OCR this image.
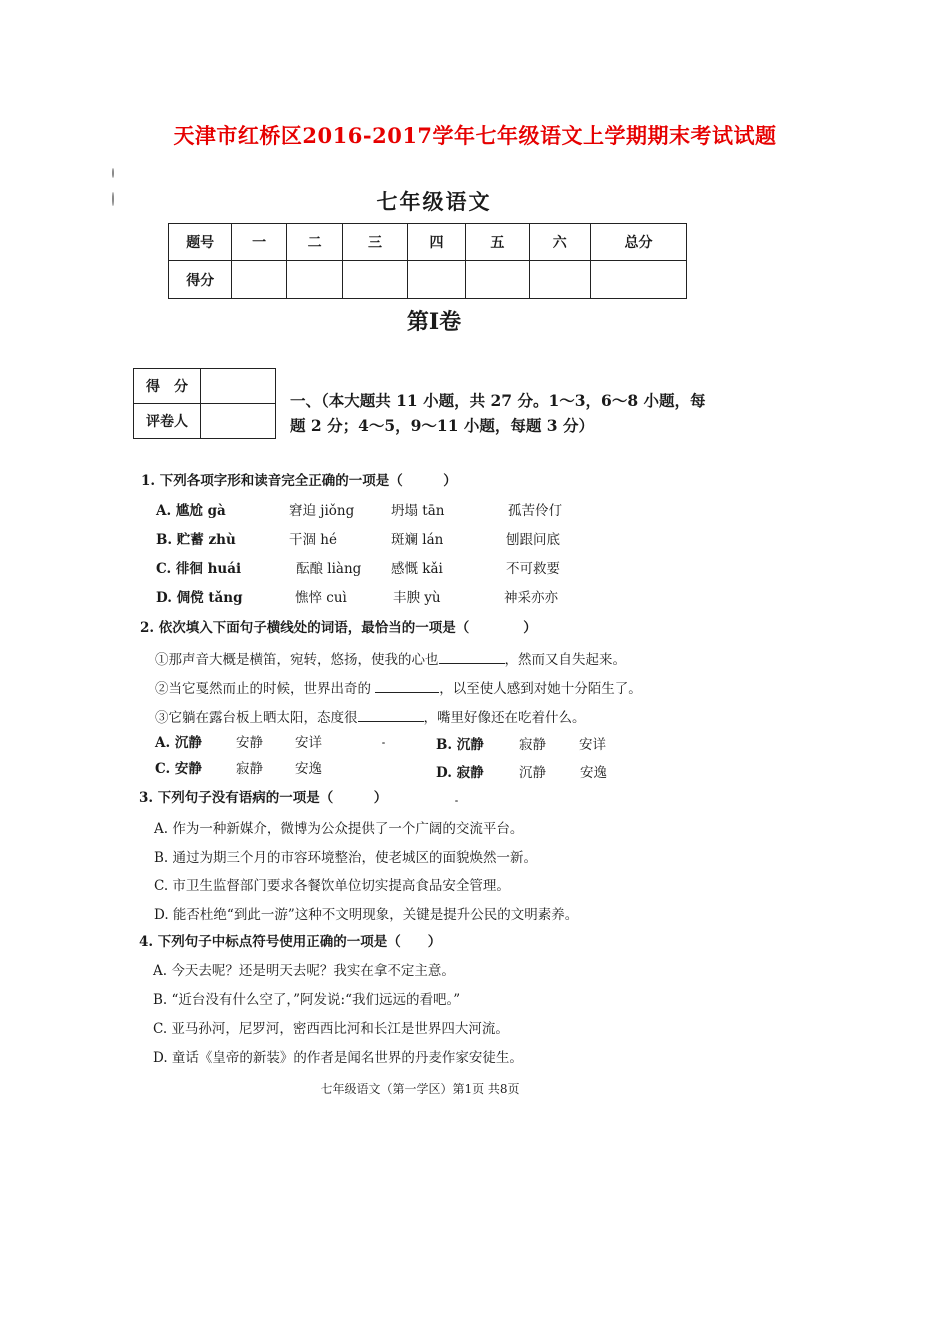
天津市红桥区2016-2017学年七年级语文上学期期末考试试题
七年级语文
题号	一	二	三	四	五	六	总分
得分							
第Ⅰ卷
得　分	
评卷人	
一、（本大题共 11 小题，共 27 分。1～3，6～8 小题，每
题 2 分；4～5，9～11 小题，每题 3 分）
1. 下列各项字形和读音完全正确的一项是（　　　）
A. 尴尬 gà	窘迫 jiǒng	坍塌 tān	孤苦伶仃
B. 贮蓄 zhù	干涸 hé	斑斓 lán	刨跟问底
C. 徘徊 huái	酝酿 liàng 感慨 kǎi	不可救要
D. 倜傥 tǎng	憔悴 cuì	丰腴 yù	神采亦亦
2. 依次填入下面句子横线处的词语，最恰当的一项是（　　　　）
①那声音大概是横笛，宛转，悠扬，使我的心也	，然而又自失起来。
②当它戛然而止的时候，世界出奇的	，以至使人感到对她十分陌生了。
③它躺在露台板上晒太阳，态度很	，嘴里好像还在吃着什么。
A. 沉静	安静 安详	B. 沉静	寂静 安详
C. 安静	寂静 安逸	D. 寂静	沉静	安逸
3. 下列句子没有语病的一项是（　　　）
A. 作为一种新媒介，微博为公众提供了一个广阔的交流平台。
B. 通过为期三个月的市容环境整治，使老城区的面貌焕然一新。
C. 市卫生监督部门要求各餐饮单位切实提高食品安全管理。
D. 能否杜绝“到此一游”这种不文明现象，关键是提升公民的文明素养。
4. 下列句子中标点符号使用正确的一项是（　　）
A. 今天去呢？还是明天去呢？我实在拿不定主意。
B. “近台没有什么空了，”阿发说:“我们远远的看吧。”
C. 亚马孙河，尼罗河，密西西比河和长江是世界四大河流。
D. 童话《皇帝的新装》的作者是闻名世界的丹麦作家安徒生。
七年级语文（第一学区）第1页 共8页
